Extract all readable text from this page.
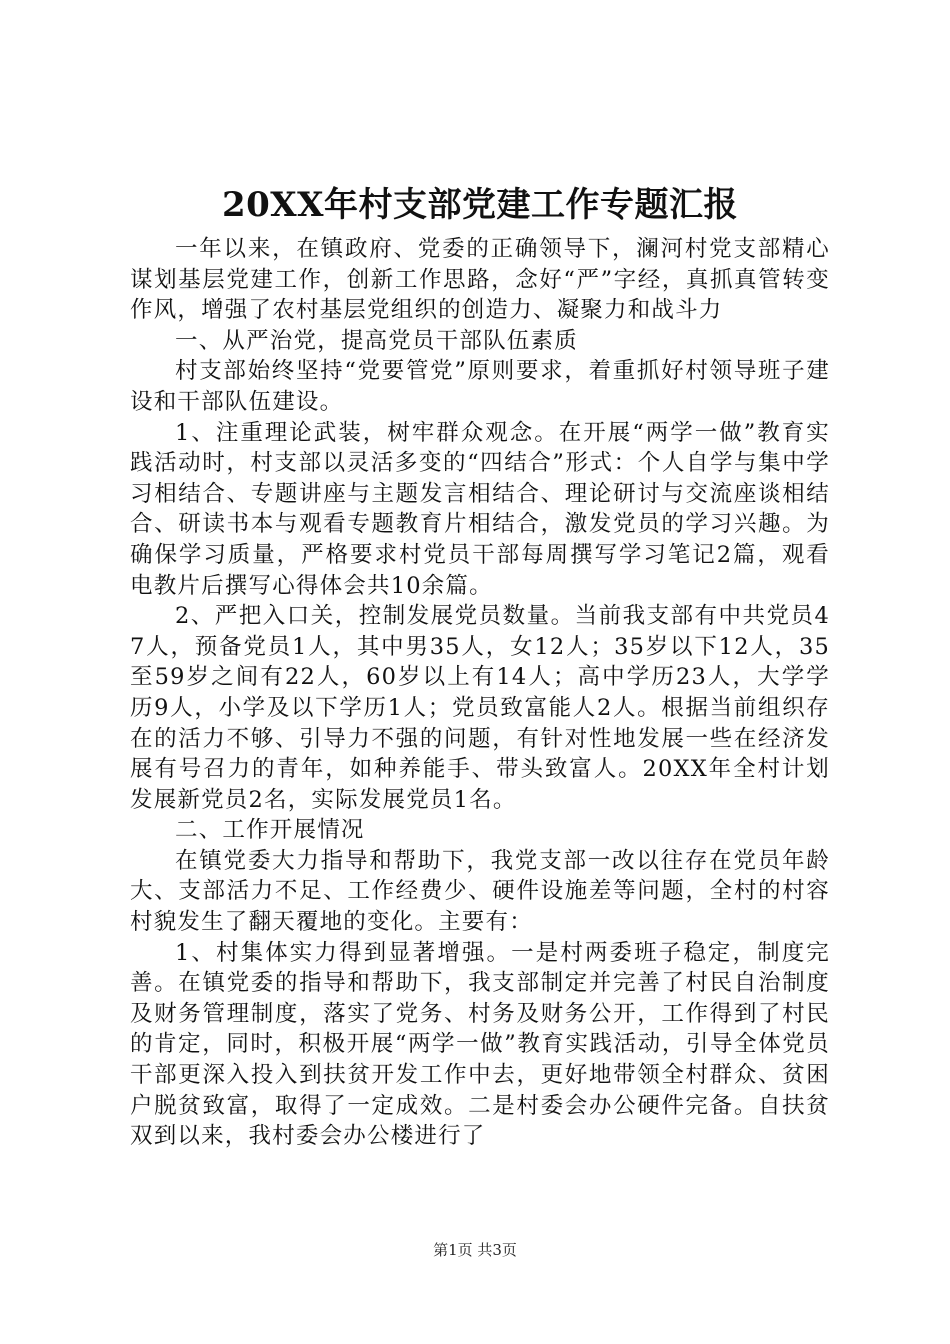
20XX年村支部党建工作专题汇报

一年以来，在镇政府、党委的正确领导下，澜河村党支部精心谋划基层党建工作，创新工作思路，念好“严”字经，真抓真管转变作风，增强了农村基层党组织的创造力、凝聚力和战斗力

一、从严治党，提高党员干部队伍素质

村支部始终坚持“党要管党”原则要求，着重抓好村领导班子建设和干部队伍建设。

1、注重理论武装，树牢群众观念。在开展“两学一做”教育实践活动时，村支部以灵活多变的“四结合”形式：个人自学与集中学习相结合、专题讲座与主题发言相结合、理论研讨与交流座谈相结合、研读书本与观看专题教育片相结合，激发党员的学习兴趣。为确保学习质量，严格要求村党员干部每周撰写学习笔记2篇，观看电教片后撰写心得体会共10余篇。

2、严把入口关，控制发展党员数量。当前我支部有中共党员47人，预备党员1人，其中男35人，女12人；35岁以下12人，35至59岁之间有22人，60岁以上有14人；高中学历23人，大学学历9人，小学及以下学历1人；党员致富能人2人。根据当前组织存在的活力不够、引导力不强的问题，有针对性地发展一些在经济发展有号召力的青年，如种养能手、带头致富人。20XX年全村计划发展新党员2名，实际发展党员1名。

二、工作开展情况

在镇党委大力指导和帮助下，我党支部一改以往存在党员年龄大、支部活力不足、工作经费少、硬件设施差等问题，全村的村容村貌发生了翻天覆地的变化。主要有：

1、村集体实力得到显著增强。一是村两委班子稳定，制度完善。在镇党委的指导和帮助下，我支部制定并完善了村民自治制度及财务管理制度，落实了党务、村务及财务公开，工作得到了村民的肯定，同时，积极开展“两学一做”教育实践活动，引导全体党员干部更深入投入到扶贫开发工作中去，更好地带领全村群众、贫困户脱贫致富，取得了一定成效。二是村委会办公硬件完备。自扶贫双到以来，我村委会办公楼进行了

第1页 共3页
